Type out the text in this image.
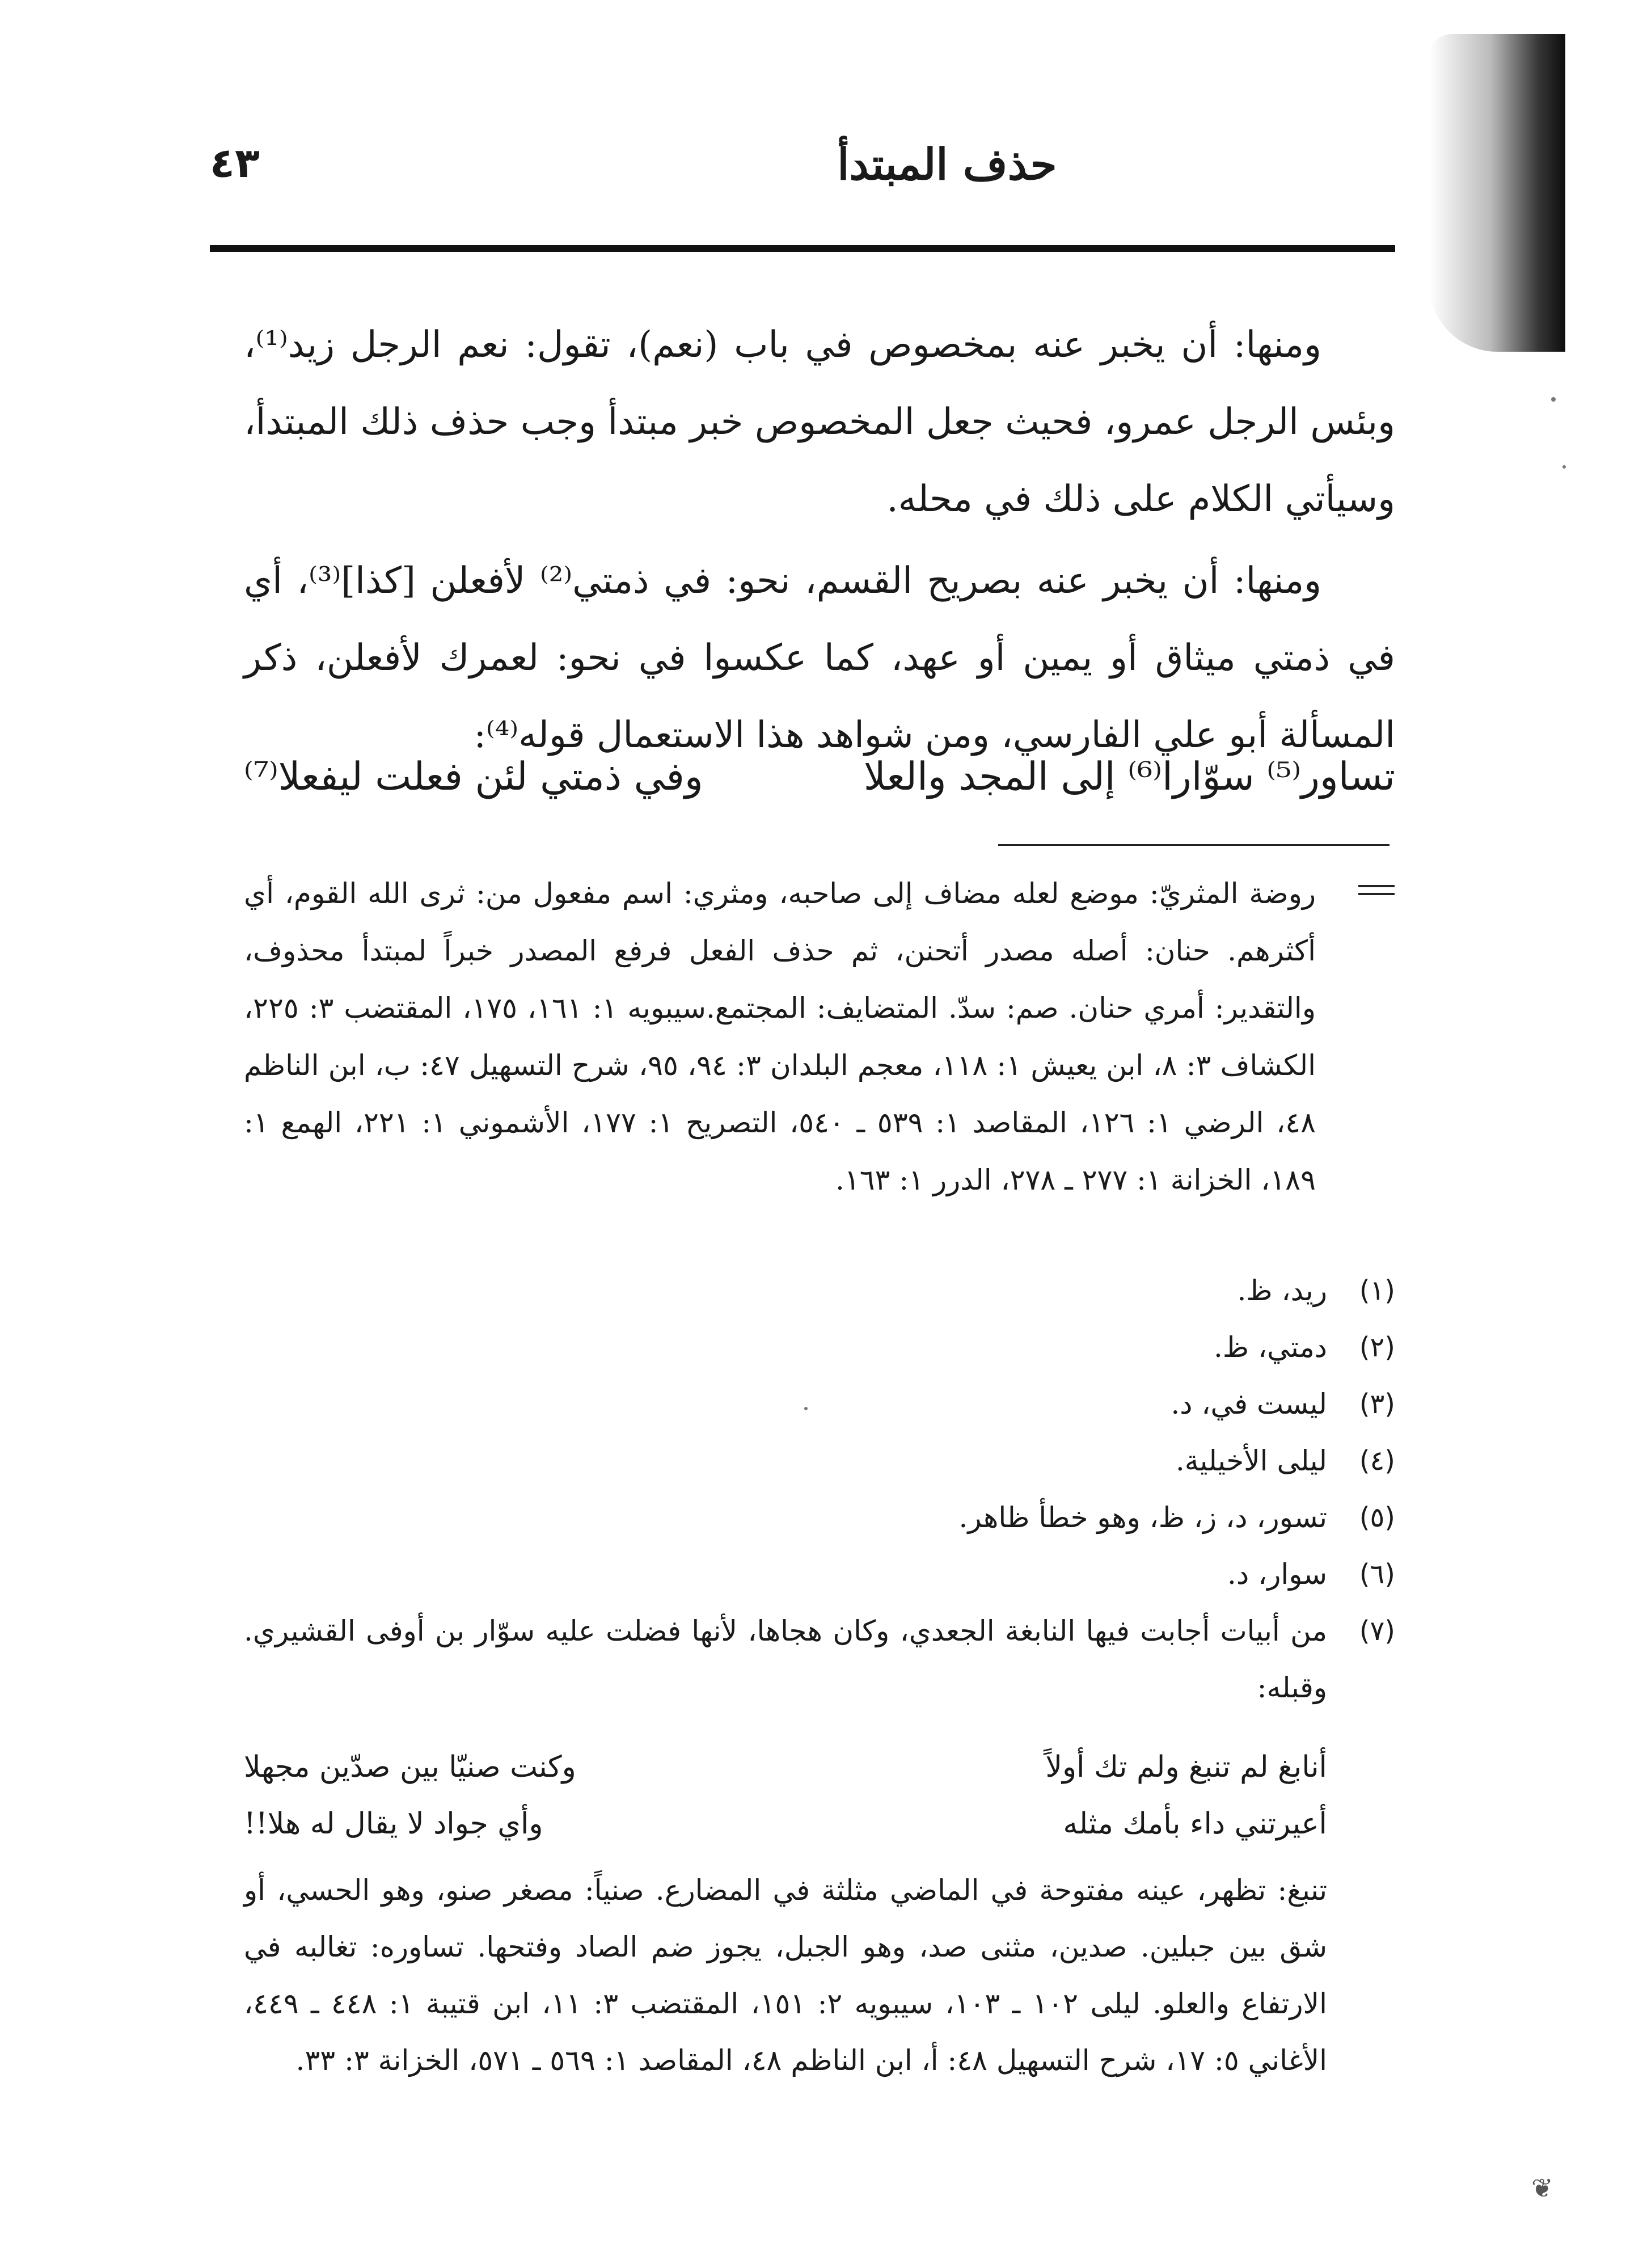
٤٣	حذف المبتدأ

ومنها: أن يخبر عنه بمخصوص في باب (نعم)، تقول: نعم الرجل زيد⁽¹⁾، وبئس الرجل عمرو، فحيث جعل المخصوص خبر مبتدأ وجب حذف ذلك المبتدأ، وسيأتي الكلام على ذلك في محله.

ومنها: أن يخبر عنه بصريح القسم، نحو: في ذمتي⁽²⁾ لأفعلن [كذا]⁽³⁾، أي في ذمتي ميثاق أو يمين أو عهد، كما عكسوا في نحو: لعمرك لأفعلن، ذكر المسألة أبو علي الفارسي، ومن شواهد هذا الاستعمال قوله⁽⁴⁾:

تساور⁽⁵⁾ سوّارا⁽⁶⁾ إلى المجد والعلا
وفي ذمتي لئن فعلت ليفعلا⁽⁷⁾
روضة المثريّ: موضع لعله مضاف إلى صاحبه، ومثري: اسم مفعول من: ثرى الله القوم، أي أكثرهم. حنان: أصله مصدر أتحنن، ثم حذف الفعل فرفع المصدر خبراً لمبتدأ محذوف، والتقدير: أمري حنان. صم: سدّ. المتضايف: المجتمع.سيبويه ١: ١٦١، ١٧٥، المقتضب ٣: ٢٢٥، الكشاف ٣: ٨، ابن يعيش ١: ١١٨، معجم البلدان ٣: ٩٤، ٩٥، شرح التسهيل ٤٧: ب، ابن الناظم ٤٨، الرضي ١: ١٢٦، المقاصد ١: ٥٣٩ ـ ٥٤٠، التصريح ١: ١٧٧، الأشموني ١: ٢٢١، الهمع ١: ١٨٩، الخزانة ١: ٢٧٧ ـ ٢٧٨، الدرر ١: ١٦٣.
(١)
ريد، ظ.
(٢)
دمتي، ظ.
(٣)
ليست في، د.
(٤)
ليلى الأخيلية.
(٥)
تسور، د، ز، ظ، وهو خطأ ظاهر.
(٦)
سوار، د.
(٧)
من أبيات أجابت فيها النابغة الجعدي، وكان هجاها، لأنها فضلت عليه سوّار بن أوفى القشيري. وقبله:
أنابغ لم تنبغ ولم تك أولاً
وكنت صنيّا بين صدّين مجهلا
أعيرتني داء بأمك مثله
وأي جواد لا يقال له هلا!!
تنبغ: تظهر، عينه مفتوحة في الماضي مثلثة في المضارع. صنياً: مصغر صنو، وهو الحسي، أو شق بين جبلين. صدين، مثنى صد، وهو الجبل، يجوز ضم الصاد وفتحها. تساوره: تغالبه في الارتفاع والعلو. ليلى ١٠٢ ـ ١٠٣، سيبويه ٢: ١٥١، المقتضب ٣: ١١، ابن قتيبة ١: ٤٤٨ ـ ٤٤٩، الأغاني ٥: ١٧، شرح التسهيل ٤٨: أ، ابن الناظم ٤٨، المقاصد ١: ٥٦٩ ـ ٥٧١، الخزانة ٣: ٣٣.
❦
